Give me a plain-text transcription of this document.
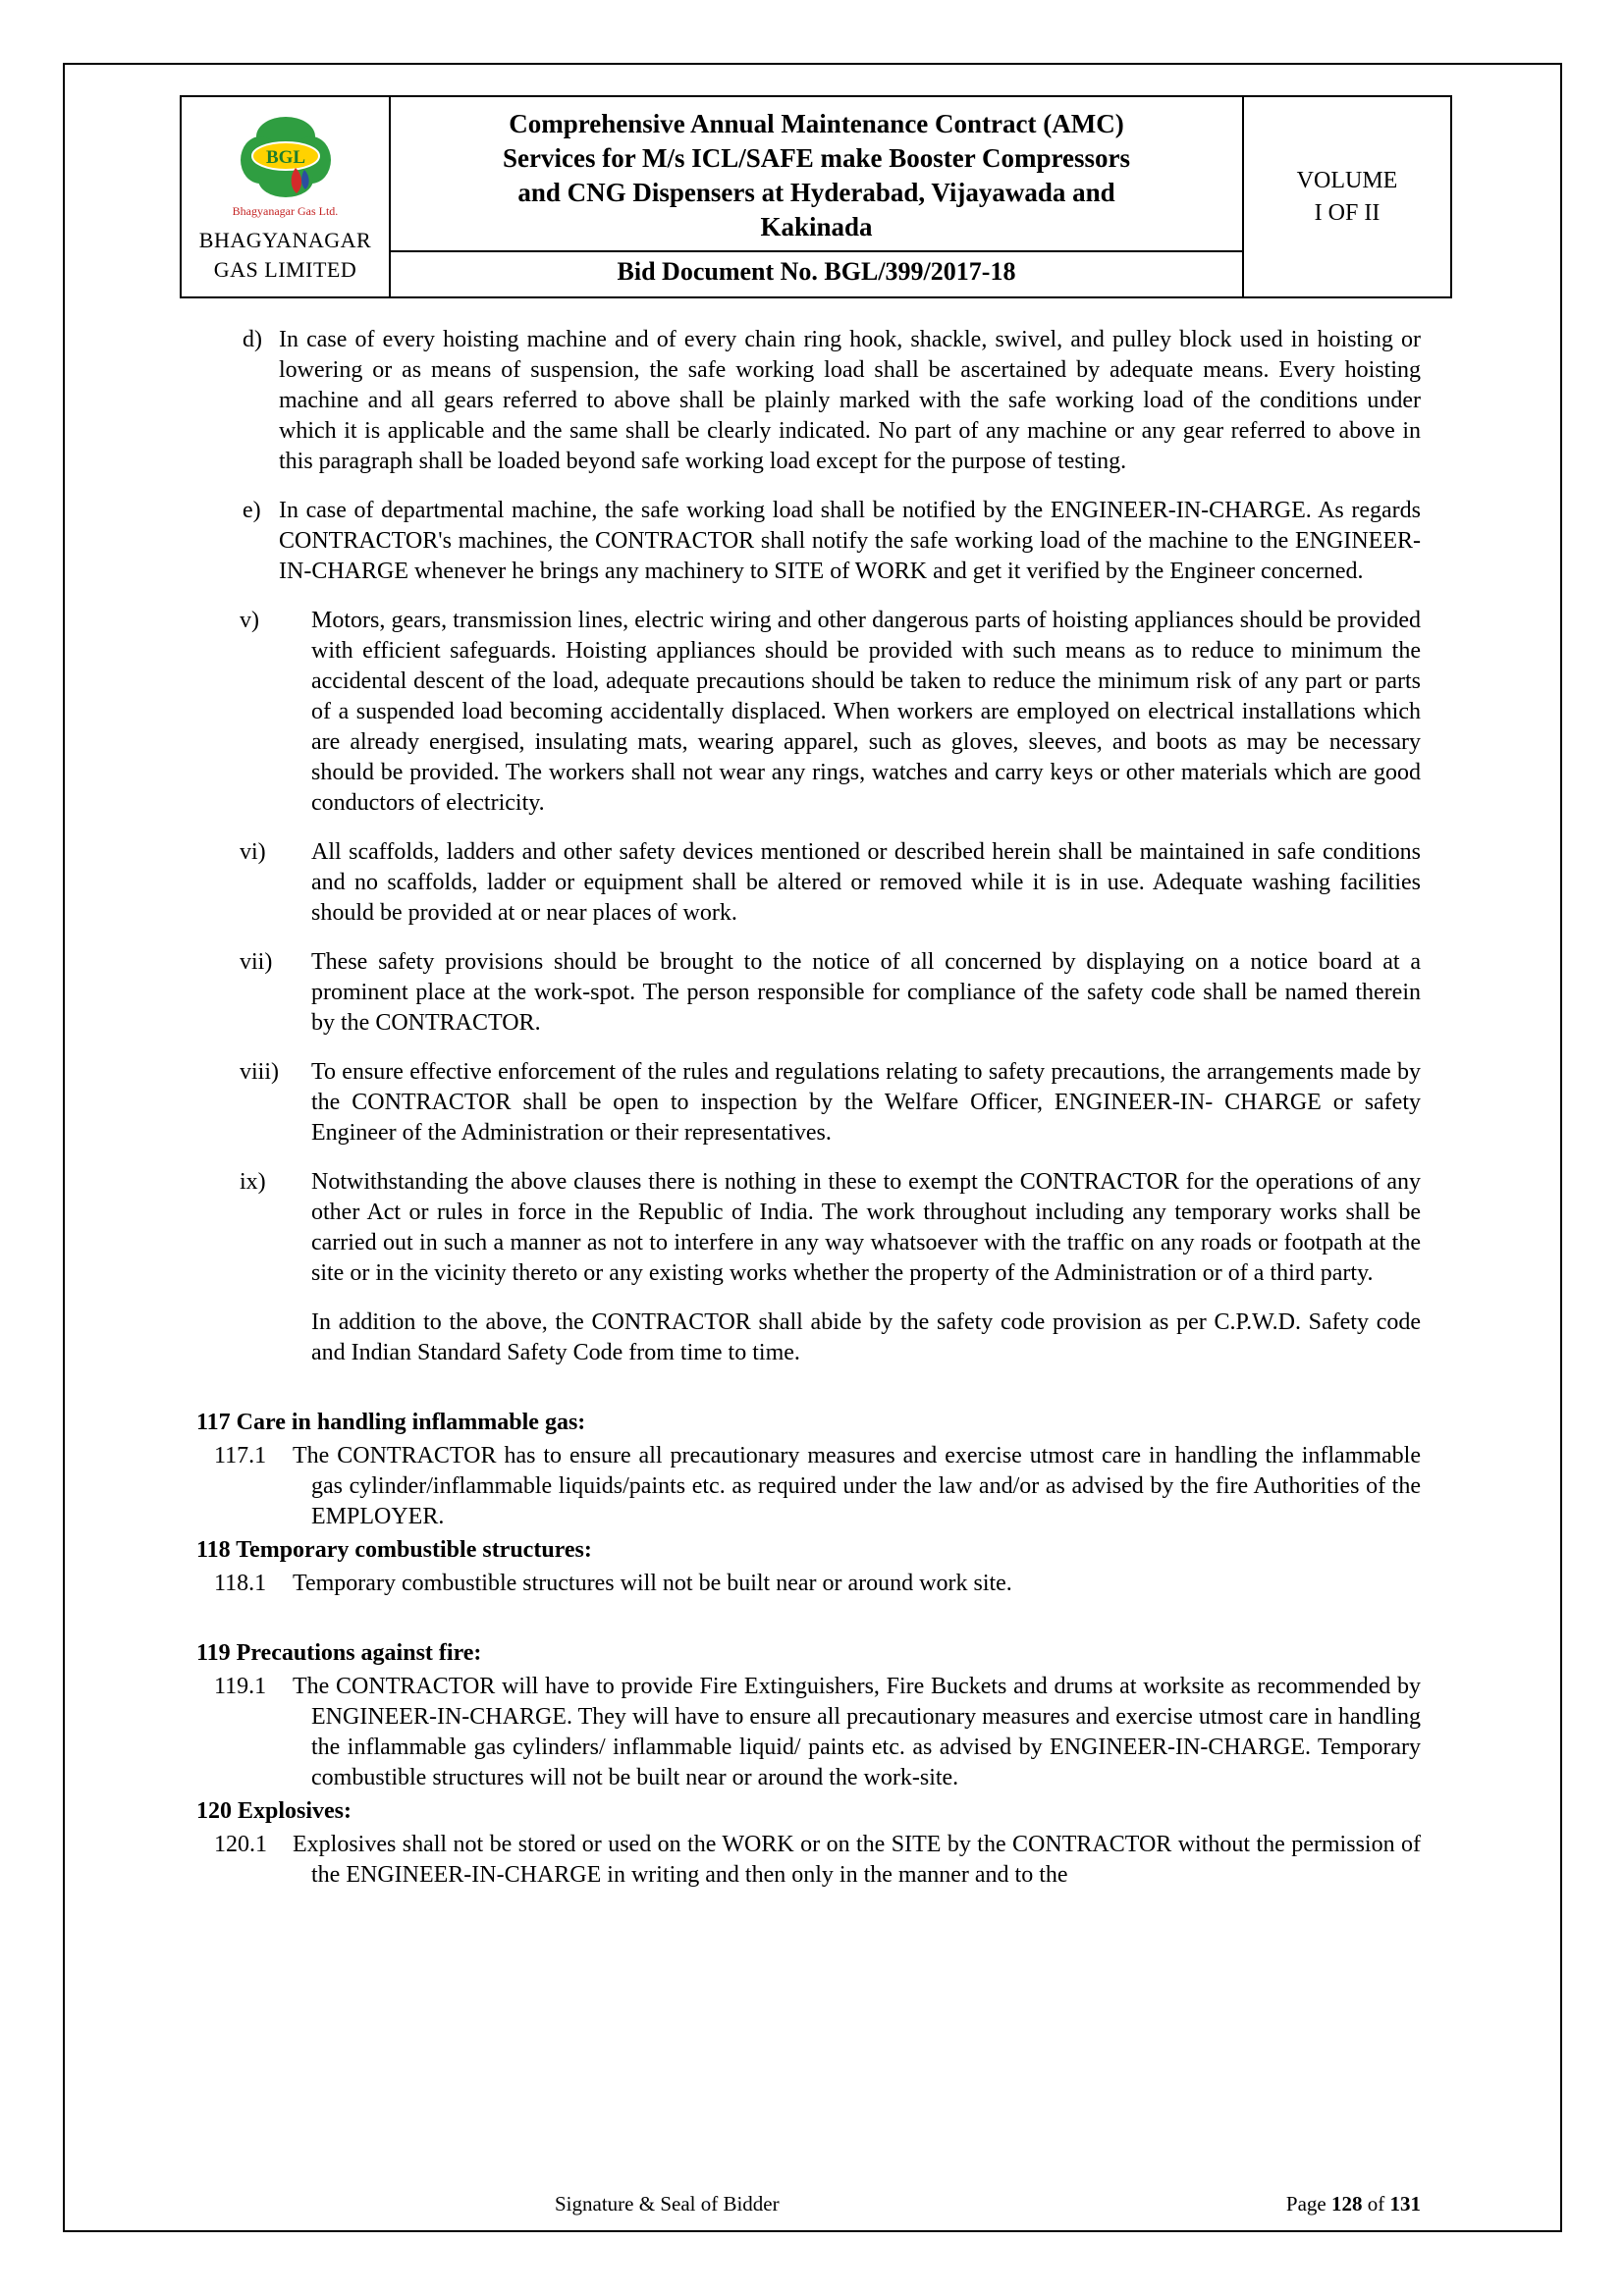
BGL
Bhagyanagar Gas Ltd.
BHAGYANAGAR
GAS LIMITED

Comprehensive Annual Maintenance Contract (AMC)
Services for M/s ICL/SAFE make Booster Compressors
and CNG Dispensers at Hyderabad, Vijayawada and
Kakinada

VOLUME
I OF II

Bid Document No. BGL/399/2017-18
d) In case of every hoisting machine and of every chain ring hook, shackle, swivel, and pulley block used in hoisting or lowering or as means of suspension, the safe working load shall be ascertained by adequate means. Every hoisting machine and all gears referred to above shall be plainly marked with the safe working load of the conditions under which it is applicable and the same shall be clearly indicated. No part of any machine or any gear referred to above in this paragraph shall be loaded beyond safe working load except for the purpose of testing.
e) In case of departmental machine, the safe working load shall be notified by the ENGINEER-IN-CHARGE. As regards CONTRACTOR's machines, the CONTRACTOR shall notify the safe working load of the machine to the ENGINEER-IN-CHARGE whenever he brings any machinery to SITE of WORK and get it verified by the Engineer concerned.
v) Motors, gears, transmission lines, electric wiring and other dangerous parts of hoisting appliances should be provided with efficient safeguards. Hoisting appliances should be provided with such means as to reduce to minimum the accidental descent of the load, adequate precautions should be taken to reduce the minimum risk of any part or parts of a suspended load becoming accidentally displaced. When workers are employed on electrical installations which are already energised, insulating mats, wearing apparel, such as gloves, sleeves, and boots as may be necessary should be provided. The workers shall not wear any rings, watches and carry keys or other materials which are good conductors of electricity.
vi) All scaffolds, ladders and other safety devices mentioned or described herein shall be maintained in safe conditions and no scaffolds, ladder or equipment shall be altered or removed while it is in use. Adequate washing facilities should be provided at or near places of work.
vii) These safety provisions should be brought to the notice of all concerned by displaying on a notice board at a prominent place at the work-spot. The person responsible for compliance of the safety code shall be named therein by the CONTRACTOR.
viii) To ensure effective enforcement of the rules and regulations relating to safety precautions, the arrangements made by the CONTRACTOR shall be open to inspection by the Welfare Officer, ENGINEER-IN- CHARGE or safety Engineer of the Administration or their representatives.
ix) Notwithstanding the above clauses there is nothing in these to exempt the CONTRACTOR for the operations of any other Act or rules in force in the Republic of India. The work throughout including any temporary works shall be carried out in such a manner as not to interfere in any way whatsoever with the traffic on any roads or footpath at the site or in the vicinity thereto or any existing works whether the property of the Administration or of a third party.
In addition to the above, the CONTRACTOR shall abide by the safety code provision as per C.P.W.D. Safety code and Indian Standard Safety Code from time to time.
117 Care in handling inflammable gas:
117.1 The CONTRACTOR has to ensure all precautionary measures and exercise utmost care in handling the inflammable gas cylinder/inflammable liquids/paints etc. as required under the law and/or as advised by the fire Authorities of the EMPLOYER.
118 Temporary combustible structures:
118.1 Temporary combustible structures will not be built near or around work site.
119 Precautions against fire:
119.1 The CONTRACTOR will have to provide Fire Extinguishers, Fire Buckets and drums at worksite as recommended by ENGINEER-IN-CHARGE. They will have to ensure all precautionary measures and exercise utmost care in handling the inflammable gas cylinders/ inflammable liquid/ paints etc. as advised by ENGINEER-IN-CHARGE. Temporary combustible structures will not be built near or around the work-site.
120 Explosives:
120.1 Explosives shall not be stored or used on the WORK or on the SITE by the CONTRACTOR without the permission of the ENGINEER-IN-CHARGE in writing and then only in the manner and to the
Signature & Seal of Bidder	Page 128 of 131
